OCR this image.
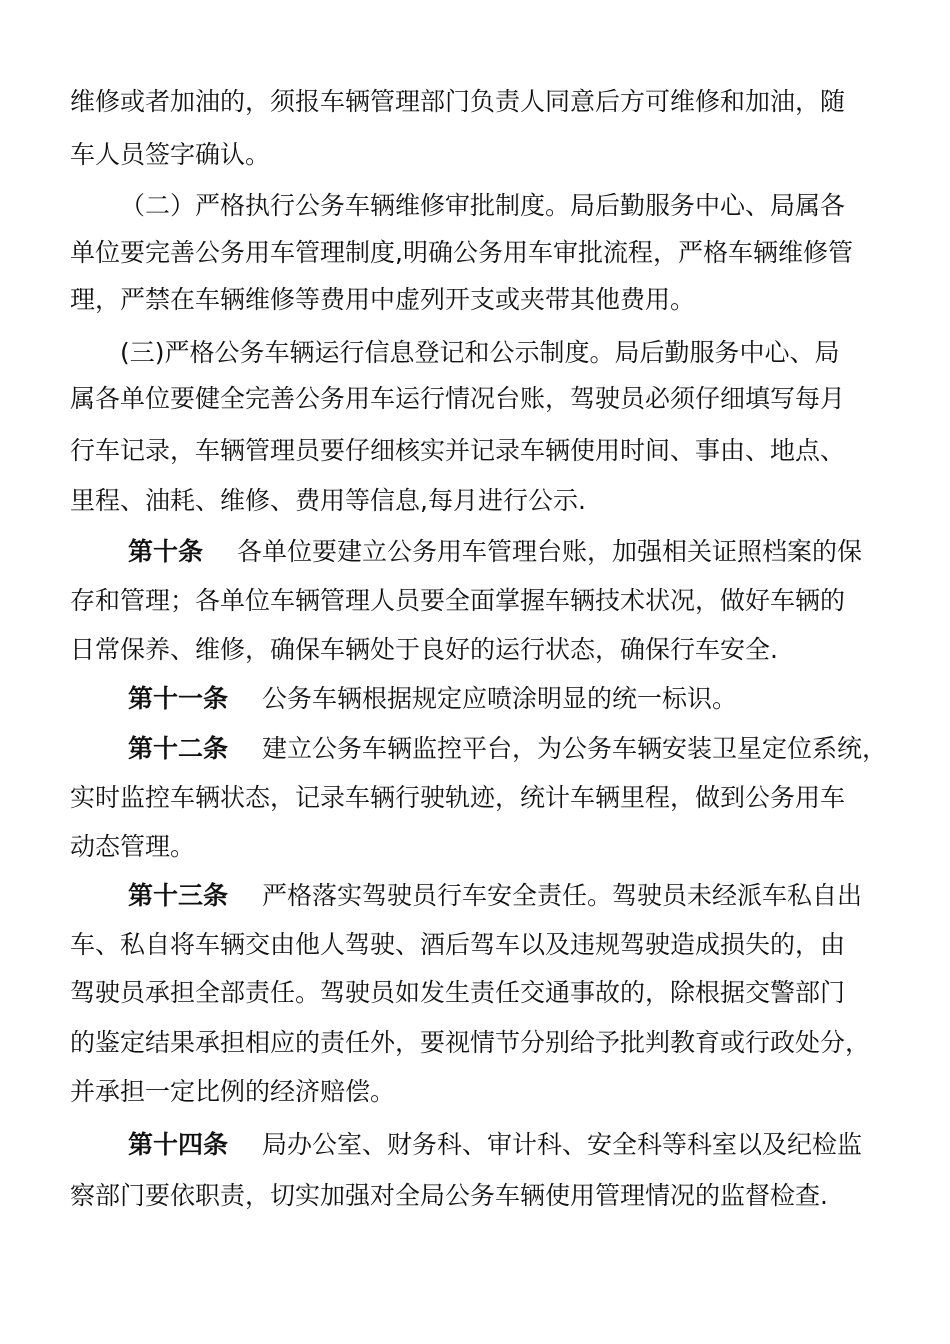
维修或者加油的，须报车辆管理部门负责人同意后方可维修和加油，随
车人员签字确认。
（二）严格执行公务车辆维修审批制度。局后勤服务中心、局属各
单位要完善公务用车管理制度,明确公务用车审批流程，严格车辆维修管
理，严禁在车辆维修等费用中虚列开支或夹带其他费用。
(三)严格公务车辆运行信息登记和公示制度。局后勤服务中心、局
属各单位要健全完善公务用车运行情况台账，驾驶员必须仔细填写每月
行车记录，车辆管理员要仔细核实并记录车辆使用时间、事由、地点、
里程、油耗、维修、费用等信息,每月进行公示.
第十条 各单位要建立公务用车管理台账，加强相关证照档案的保
存和管理；各单位车辆管理人员要全面掌握车辆技术状况，做好车辆的
日常保养、维修，确保车辆处于良好的运行状态，确保行车安全.
第十一条 公务车辆根据规定应喷涂明显的统一标识。
第十二条 建立公务车辆监控平台，为公务车辆安装卫星定位系统，
实时监控车辆状态，记录车辆行驶轨迹，统计车辆里程，做到公务用车
动态管理。
第十三条 严格落实驾驶员行车安全责任。驾驶员未经派车私自出
车、私自将车辆交由他人驾驶、酒后驾车以及违规驾驶造成损失的，由
驾驶员承担全部责任。驾驶员如发生责任交通事故的，除根据交警部门
的鉴定结果承担相应的责任外，要视情节分别给予批判教育或行政处分，
并承担一定比例的经济赔偿。
第十四条 局办公室、财务科、审计科、安全科等科室以及纪检监
察部门要依职责，切实加强对全局公务车辆使用管理情况的监督检查.
